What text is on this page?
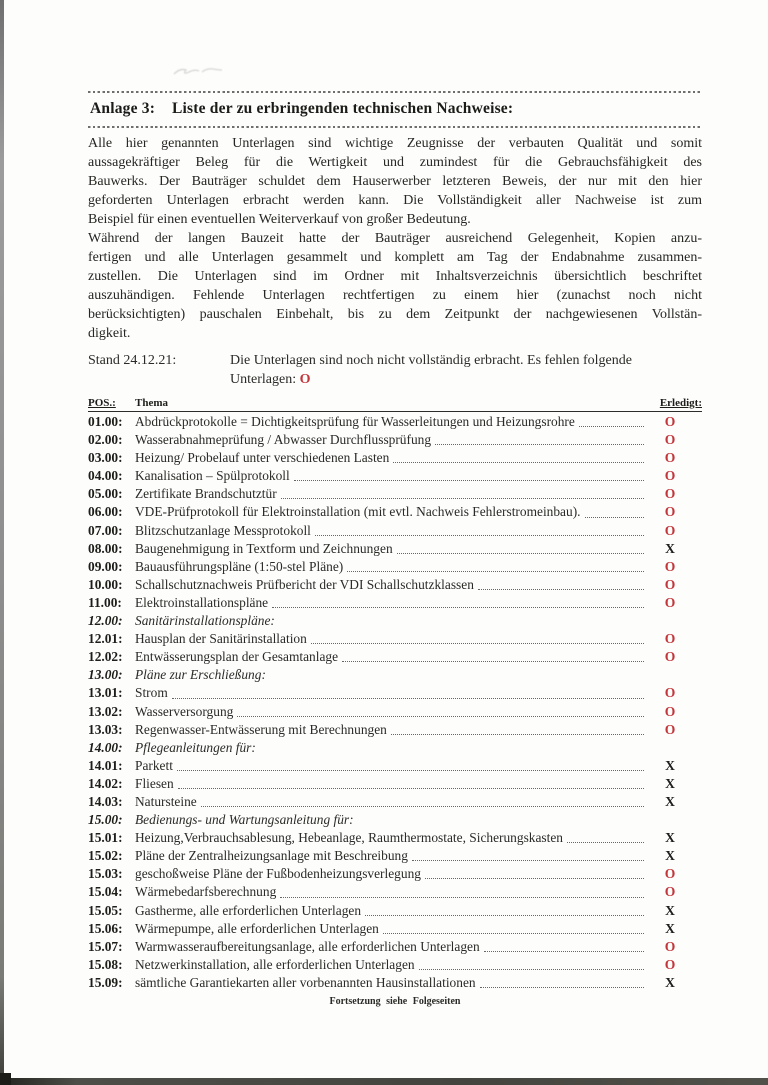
Anlage 3:	Liste der zu erbringenden technischen Nachweise:
Alle hier genannten Unterlagen sind wichtige Zeugnisse der verbauten Qualität und somit
aussagekräftiger Beleg für die Wertigkeit und zumindest für die Gebrauchsfähigkeit des
Bauwerks. Der Bauträger schuldet dem Hauserwerber letzteren Beweis, der nur mit den hier
geforderten Unterlagen erbracht werden kann. Die Vollständigkeit aller Nachweise ist zum
Beispiel für einen eventuellen Weiterverkauf von großer Bedeutung.
Während der langen Bauzeit hatte der Bauträger ausreichend Gelegenheit, Kopien anzu-
fertigen und alle Unterlagen gesammelt und komplett am Tag der Endabnahme zusammen-
zustellen. Die Unterlagen sind im Ordner mit Inhaltsverzeichnis übersichtlich beschriftet
auszuhändigen. Fehlende Unterlagen rechtfertigen zu einem hier (zunachst noch nicht
berücksichtigten) pauschalen Einbehalt, bis zu dem Zeitpunkt der nachgewiesenen Vollstän-
digkeit.
Stand 24.12.21:	Die Unterlagen sind noch nicht vollständig erbracht. Es fehlen folgende
Unterlagen: O
POS.:	Thema	Erledigt:
01.00: Abdrückprotokolle = Dichtigkeitsprüfung für Wasserleitungen und Heizungsrohre	O
02.00: Wasserabnahmeprüfung / Abwasser Durchflussprüfung	O
03.00: Heizung/ Probelauf unter verschiedenen Lasten	O
04.00: Kanalisation – Spülprotokoll	O
05.00: Zertifikate Brandschutztür	O
06.00: VDE-Prüfprotokoll für Elektroinstallation (mit evtl. Nachweis Fehlerstromeinbau).	O
07.00: Blitzschutzanlage Messprotokoll	O
08.00: Baugenehmigung in Textform und Zeichnungen	X
09.00: Bauausführungspläne (1:50-stel Pläne)	O
10.00: Schallschutznachweis Prüfbericht der VDI Schallschutzklassen	O
11.00: Elektroinstallationspläne	O
12.00: Sanitärinstallationspläne:
12.01: Hausplan der Sanitärinstallation	O
12.02: Entwässerungsplan der Gesamtanlage	O
13.00: Pläne zur Erschließung:
13.01: Strom	O
13.02: Wasserversorgung	O
13.03: Regenwasser-Entwässerung mit Berechnungen	O
14.00: Pflegeanleitungen für:
14.01: Parkett	X
14.02: Fliesen	X
14.03: Natursteine	X
15.00: Bedienungs- und Wartungsanleitung für:
15.01: Heizung,Verbrauchsablesung, Hebeanlage, Raumthermostate, Sicherungskasten	X
15.02: Pläne der Zentralheizungsanlage mit Beschreibung	X
15.03: geschoßweise Pläne der Fußbodenheizungsverlegung	O
15.04: Wärmebedarfsberechnung	O
15.05: Gastherme, alle erforderlichen Unterlagen	X
15.06: Wärmepumpe, alle erforderlichen Unterlagen	X
15.07: Warmwasseraufbereitungsanlage, alle erforderlichen Unterlagen	O
15.08: Netzwerkinstallation, alle erforderlichen Unterlagen	O
15.09: sämtliche Garantiekarten aller vorbenannten Hausinstallationen	X
Fortsetzung siehe Folgeseiten
